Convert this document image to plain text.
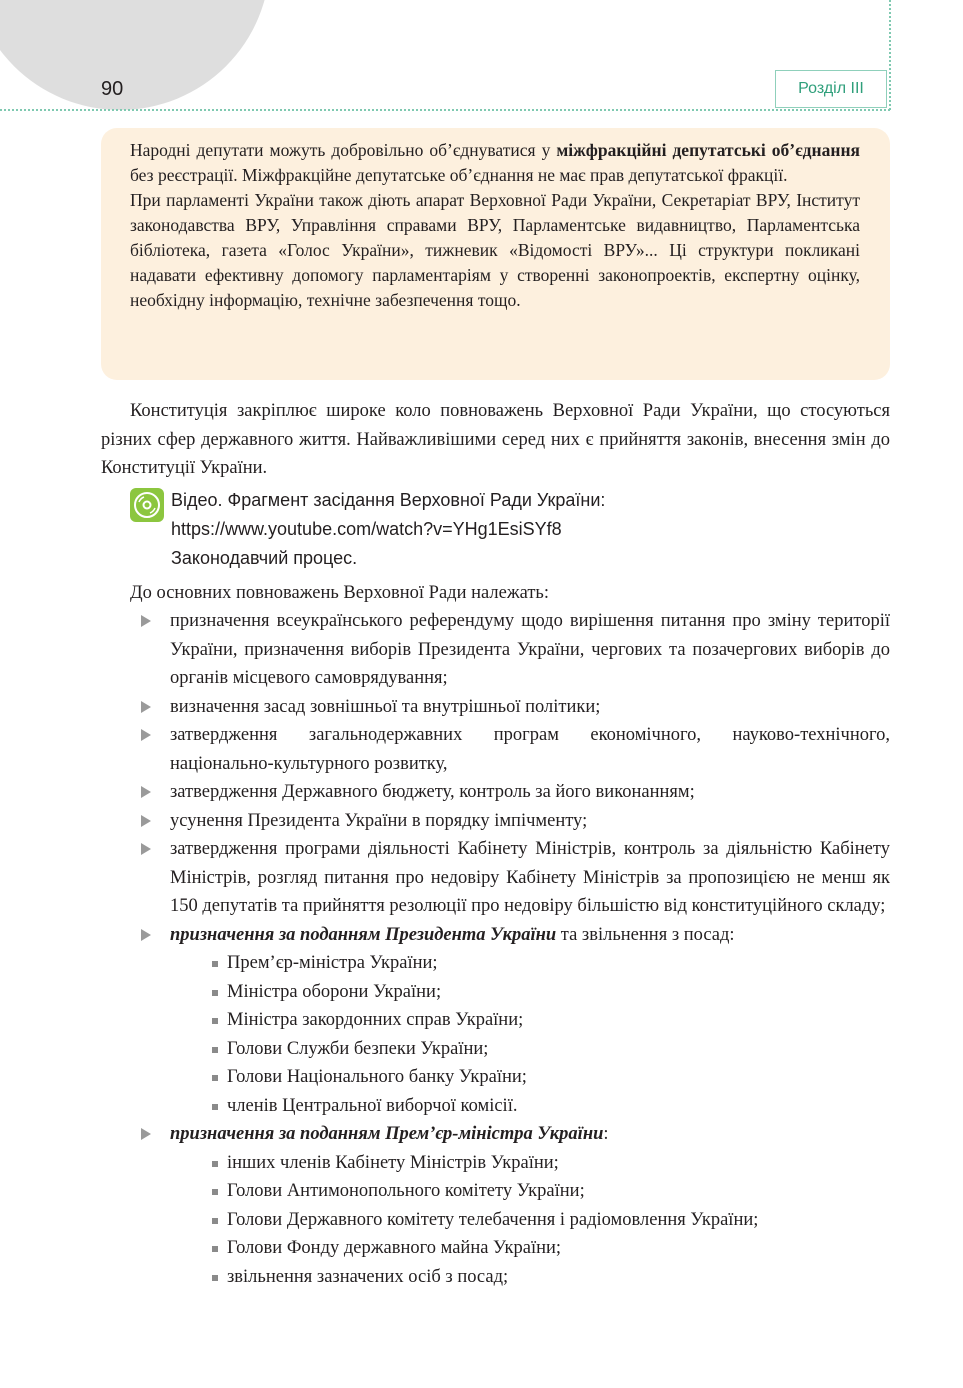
90	Розділ III

Народні депутати можуть добровільно об’єднуватися у міжфракційні депутатські об’єднання без реєстрації. Міжфракційне депутатське об’єднання не має прав депутатської фракції.

При парламенті України також діють апарат Верховної Ради України, Секретаріат ВРУ, Інститут законодавства ВРУ, Управління справами ВРУ, Парламентське видавництво, Парламентська бібліотека, газета «Голос України», тижневик «Відомості ВРУ»... Ці структури покликані надавати ефективну допомогу парламентаріям у створенні законопроектів, експертну оцінку, необхідну інформацію, технічне забезпечення тощо.

Конституція закріплює широке коло повноважень Верховної Ради України, що стосуються різних сфер державного життя. Найважливішими серед них є прийняття законів, внесення змін до Конституції України.

Відео. Фрагмент засідання Верховної Ради України:
https://www.youtube.com/watch?v=YHg1EsiSYf8
Законодавчий процес.

До основних повноважень Верховної Ради належать:

призначення всеукраїнського референдуму щодо вирішення питання про зміну території України, призначення виборів Президента України, чергових та позачергових виборів до органів місцевого самоврядування;
визначення засад зовнішньої та внутрішньої політики;
затвердження загальнодержавних програм економічного, науково-технічного, національно-культурного розвитку,
затвердження Державного бюджету, контроль за його виконанням;
усунення Президента України в порядку імпічменту;
затвердження програми діяльності Кабінету Міністрів, контроль за діяльністю Кабінету Міністрів, розгляд питання про недовіру Кабінету Міністрів за пропозицією не менш як 150 депутатів та прийняття резолюції про недовіру більшістю від конституційного складу;
призначення за поданням Президента України та звільнення з посад:
Прем’єр-міністра України;
Міністра оборони України;
Міністра закордонних справ України;
Голови Служби безпеки України;
Голови Національного банку України;
членів Центральної виборчої комісії.
призначення за поданням Прем’єр-міністра України:
інших членів Кабінету Міністрів України;
Голови Антимонопольного комітету України;
Голови Державного комітету телебачення і радіомовлення України;
Голови Фонду державного майна України;
звільнення зазначених осіб з посад;
